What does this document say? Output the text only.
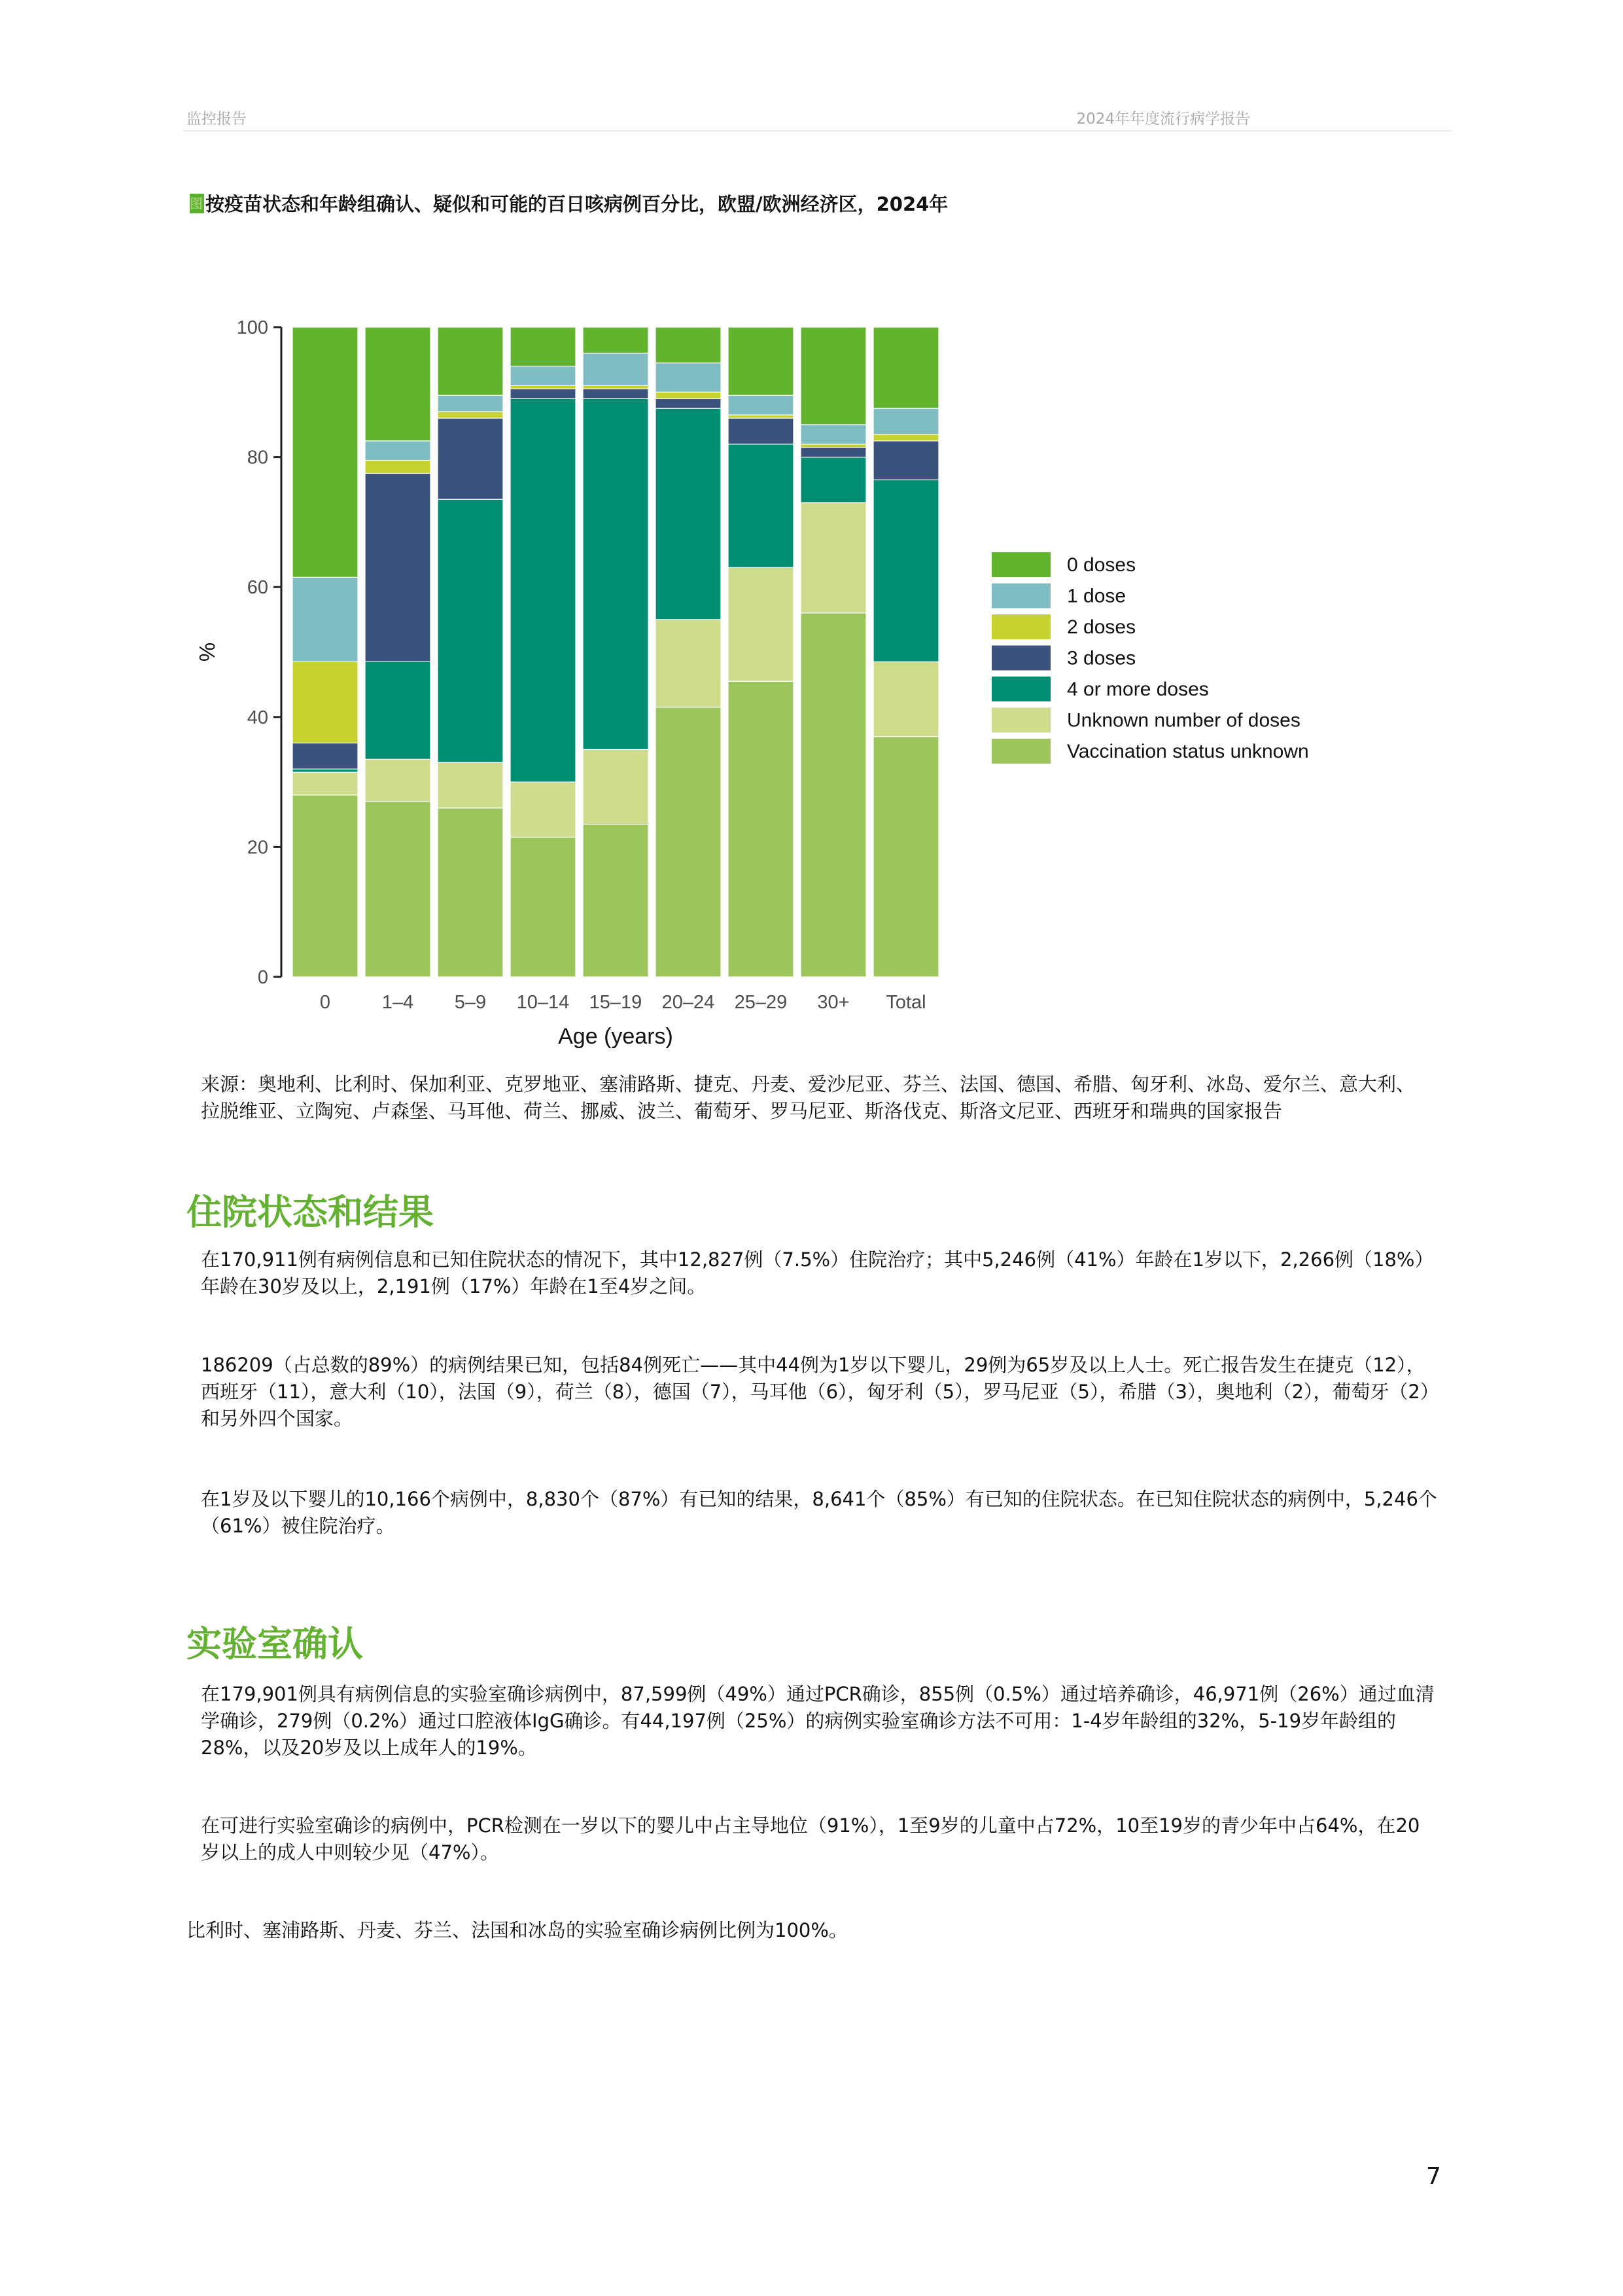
监控报告	2024年年度流行病学报告
图 按疫苗状态和年龄组确认、疑似和可能的百日咳病例百分比，欧盟/欧洲经济区，2024年
0
20
40
60
80
100
%
0	1–4 5–9 10–14 15–19 20–24 25–29 30+ Total
Age (years)
0 doses
1 dose
2 doses
3 doses
4 or more doses
Unknown number of doses
Vaccination status unknown
来源：奥地利、比利时、保加利亚、克罗地亚、塞浦路斯、捷克、丹麦、爱沙尼亚、芬兰、法国、德国、希腊、匈牙利、冰岛、爱尔兰、意大利、拉脱维亚、立陶宛、卢森堡、马耳他、荷兰、挪威、波兰、葡萄牙、罗马尼亚、斯洛伐克、斯洛文尼亚、西班牙和瑞典的国家报告
住院状态和结果
在170,911例有病例信息和已知住院状态的情况下，其中12,827例（7.5%）住院治疗；其中5,246例（41%）年龄在1岁以下，2,266例（18%）年龄在30岁及以上，2,191例（17%）年龄在1至4岁之间。
186209（占总数的89%）的病例结果已知，包括84例死亡——其中44例为1岁以下婴儿，29例为65岁及以上人士。死亡报告发生在捷克（12），西班牙（11），意大利（10），法国（9），荷兰（8），德国（7），马耳他（6），匈牙利（5），罗马尼亚（5），希腊（3），奥地利（2），葡萄牙（2）和另外四个国家。
在1岁及以下婴儿的10,166个病例中，8,830个（87%）有已知的结果，8,641个（85%）有已知的住院状态。在已知住院状态的病例中，5,246个（61%）被住院治疗。
实验室确认
在179,901例具有病例信息的实验室确诊病例中，87,599例（49%）通过PCR确诊，855例（0.5%）通过培养确诊，46,971例（26%）通过血清学确诊，279例（0.2%）通过口腔液体IgG确诊。有44,197例（25%）的病例实验室确诊方法不可用：1-4岁年龄组的32%，5-19岁年龄组的28%，以及20岁及以上成年人的19%。
在可进行实验室确诊的病例中，PCR检测在一岁以下的婴儿中占主导地位（91%），1至9岁的儿童中占72%，10至19岁的青少年中占64%，在20岁以上的成人中则较少见（47%）。
比利时、塞浦路斯、丹麦、芬兰、法国和冰岛的实验室确诊病例比例为100%。
7
